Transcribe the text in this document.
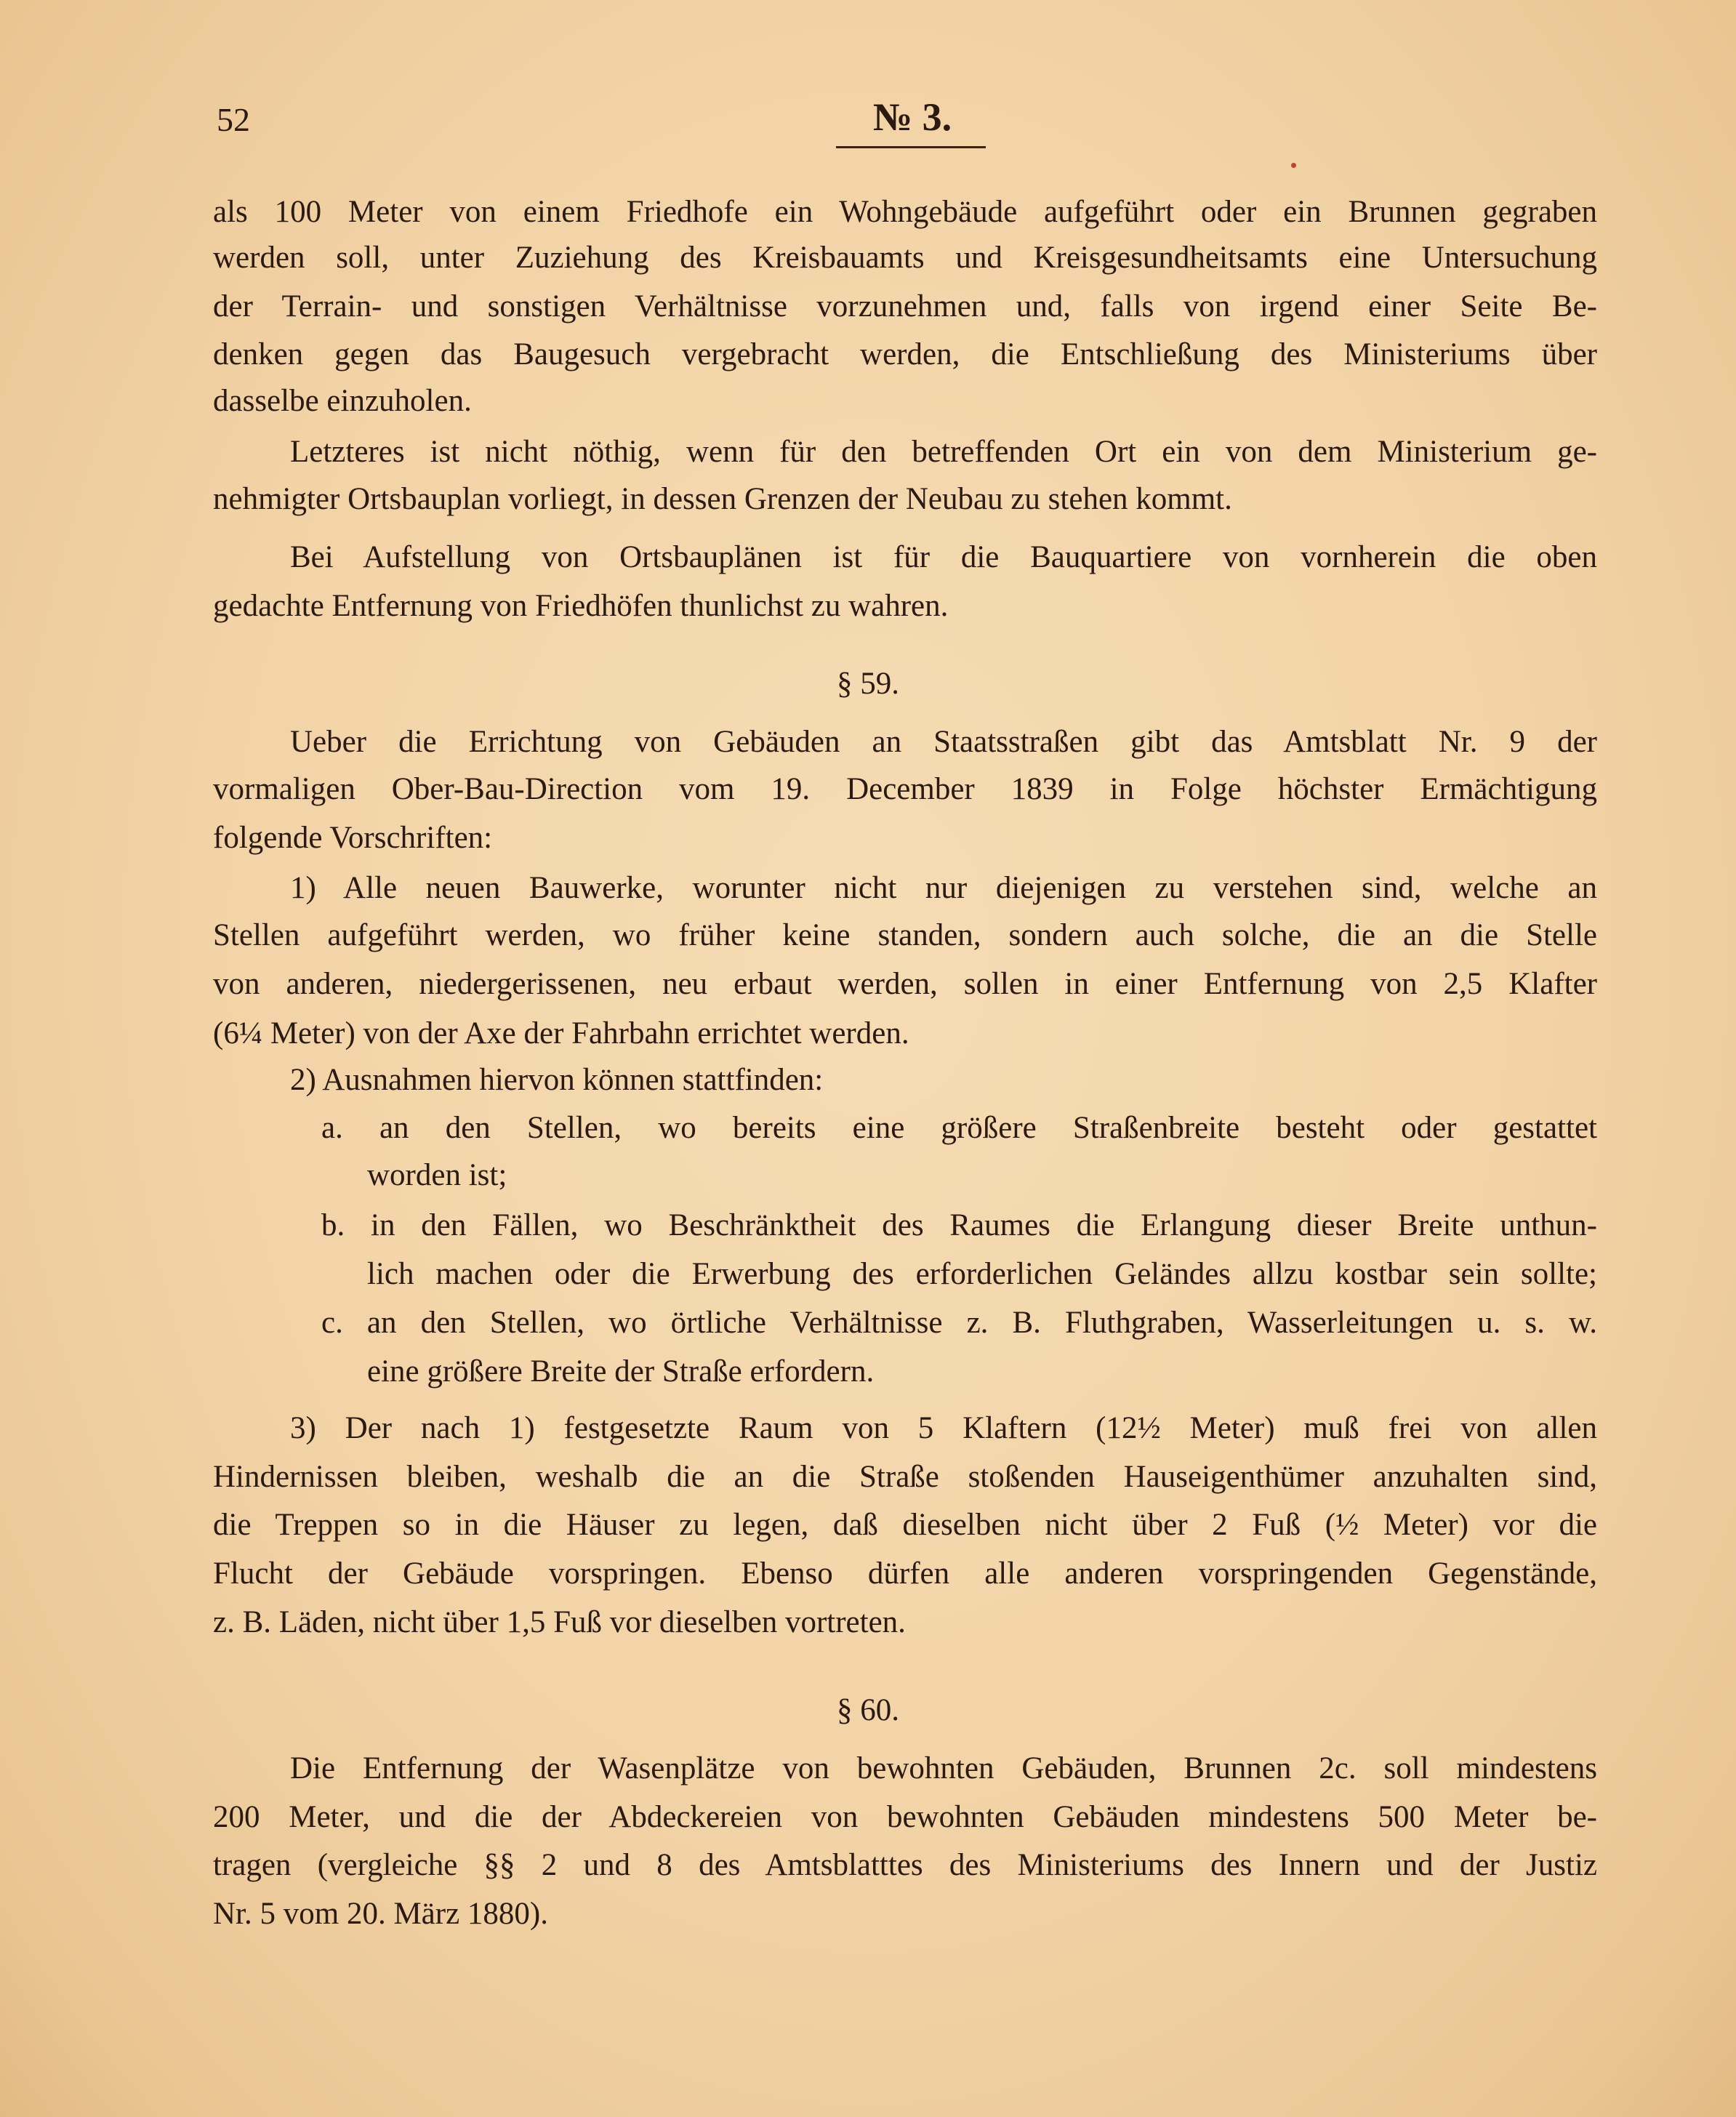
52	№ 3.
als 100 Meter von einem Friedhofe ein Wohngebäude aufgeführt oder ein Brunnen gegraben
werden soll, unter Zuziehung des Kreisbauamts und Kreisgesundheitsamts eine Untersuchung
der Terrain- und sonstigen Verhältnisse vorzunehmen und, falls von irgend einer Seite Be-
denken gegen das Baugesuch vergebracht werden, die Entschließung des Ministeriums über
dasselbe einzuholen.
Letzteres ist nicht nöthig, wenn für den betreffenden Ort ein von dem Ministerium ge-
nehmigter Ortsbauplan vorliegt, in dessen Grenzen der Neubau zu stehen kommt.
Bei Aufstellung von Ortsbauplänen ist für die Bauquartiere von vornherein die oben
gedachte Entfernung von Friedhöfen thunlichst zu wahren.
§ 59.
Ueber die Errichtung von Gebäuden an Staatsstraßen gibt das Amtsblatt Nr. 9 der
vormaligen Ober-Bau-Direction vom 19. December 1839 in Folge höchster Ermächtigung
folgende Vorschriften:
1) Alle neuen Bauwerke, worunter nicht nur diejenigen zu verstehen sind, welche an
Stellen aufgeführt werden, wo früher keine standen, sondern auch solche, die an die Stelle
von anderen, niedergerissenen, neu erbaut werden, sollen in einer Entfernung von 2,5 Klafter
(6¼ Meter) von der Axe der Fahrbahn errichtet werden.
2) Ausnahmen hiervon können stattfinden:
a. an den Stellen, wo bereits eine größere Straßenbreite besteht oder gestattet
worden ist;
b. in den Fällen, wo Beschränktheit des Raumes die Erlangung dieser Breite unthun-
lich machen oder die Erwerbung des erforderlichen Geländes allzu kostbar sein sollte;
c. an den Stellen, wo örtliche Verhältnisse z. B. Fluthgraben, Wasserleitungen u. s. w.
eine größere Breite der Straße erfordern.
3) Der nach 1) festgesetzte Raum von 5 Klaftern (12½ Meter) muß frei von allen
Hindernissen bleiben, weshalb die an die Straße stoßenden Hauseigenthümer anzuhalten sind,
die Treppen so in die Häuser zu legen, daß dieselben nicht über 2 Fuß (½ Meter) vor die
Flucht der Gebäude vorspringen. Ebenso dürfen alle anderen vorspringenden Gegenstände,
z. B. Läden, nicht über 1,5 Fuß vor dieselben vortreten.
§ 60.
Die Entfernung der Wasenplätze von bewohnten Gebäuden, Brunnen 2c. soll mindestens
200 Meter, und die der Abdeckereien von bewohnten Gebäuden mindestens 500 Meter be-
tragen (vergleiche §§ 2 und 8 des Amtsblatttes des Ministeriums des Innern und der Justiz
Nr. 5 vom 20. März 1880).
